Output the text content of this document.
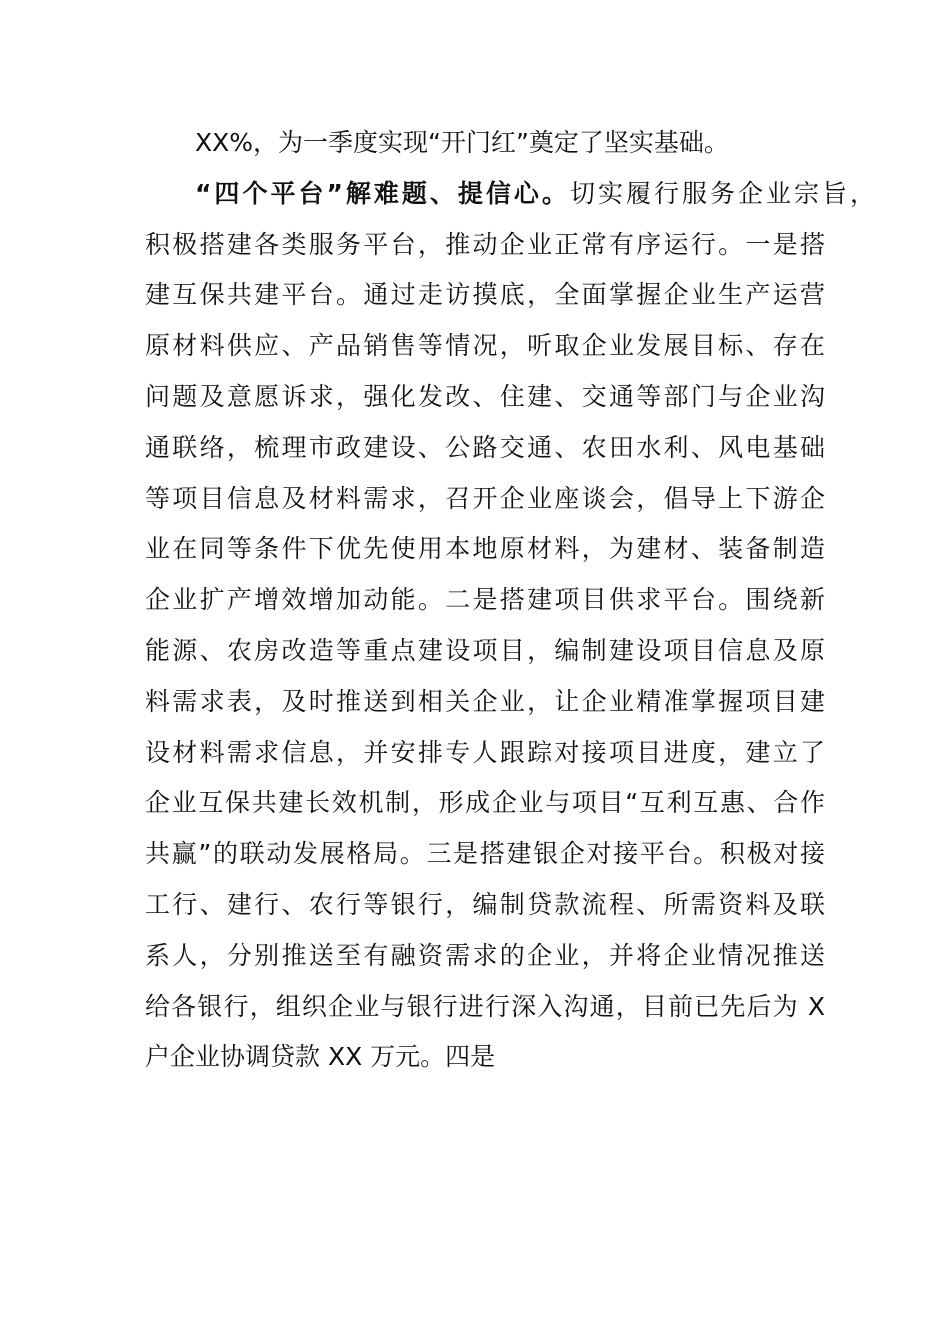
XX%，为一季度实现“开门红”奠定了坚实基础。
“四个平台”解难题、提信心。切实履行服务企业宗旨，
积极搭建各类服务平台，推动企业正常有序运行。一是搭
建互保共建平台。通过走访摸底，全面掌握企业生产运营
原材料供应、产品销售等情况，听取企业发展目标、存在
问题及意愿诉求，强化发改、住建、交通等部门与企业沟
通联络，梳理市政建设、公路交通、农田水利、风电基础
等项目信息及材料需求，召开企业座谈会，倡导上下游企
业在同等条件下优先使用本地原材料，为建材、装备制造
企业扩产增效增加动能。二是搭建项目供求平台。围绕新
能源、农房改造等重点建设项目，编制建设项目信息及原
料需求表，及时推送到相关企业，让企业精准掌握项目建
设材料需求信息，并安排专人跟踪对接项目进度，建立了
企业互保共建长效机制，形成企业与项目“互利互惠、合作
共赢”的联动发展格局。三是搭建银企对接平台。积极对接
工行、建行、农行等银行，编制贷款流程、所需资料及联
系人，分别推送至有融资需求的企业，并将企业情况推送
给各银行，组织企业与银行进行深入沟通，目前已先后为 X
户企业协调贷款 XX 万元。四是
